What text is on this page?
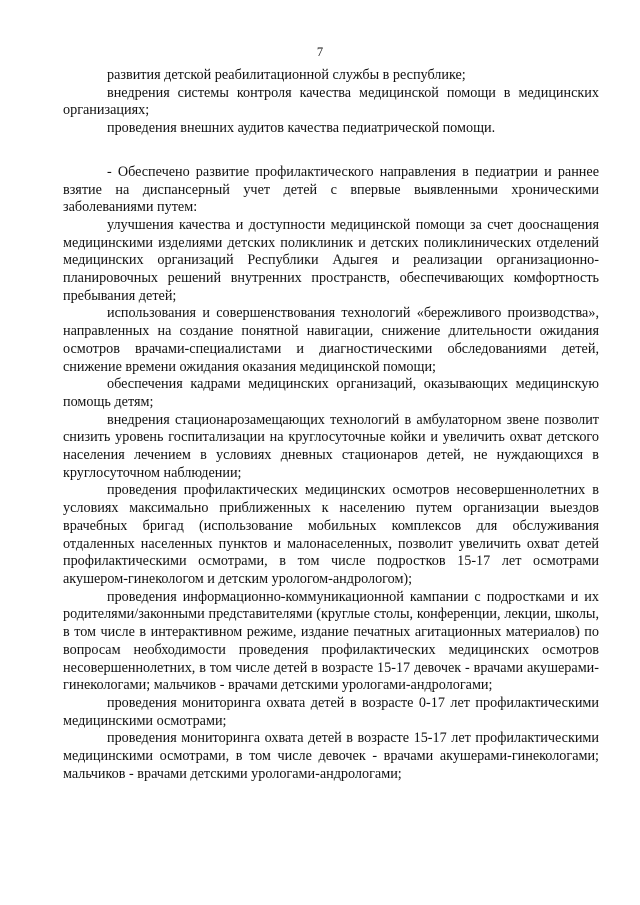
7

развития детской реабилитационной службы в республике;

внедрения системы контроля качества медицинской помощи в медицинских организациях;

проведения внешних аудитов качества педиатрической помощи.

- Обеспечено развитие профилактического направления в педиатрии и раннее взятие на диспансерный учет детей с впервые выявленными хроническими заболеваниями путем:

улучшения качества и доступности медицинской помощи за счет дооснащения медицинскими изделиями детских поликлиник и детских поликлинических отделений медицинских организаций Республики Адыгея и реализации организационно-планировочных решений внутренних пространств, обеспечивающих комфортность пребывания детей;

использования и совершенствования технологий «бережливого производства», направленных на создание понятной навигации, снижение длительности ожидания осмотров врачами-специалистами и диагностическими обследованиями детей, снижение времени ожидания оказания медицинской помощи;

обеспечения кадрами медицинских организаций, оказывающих медицинскую помощь детям;

внедрения стационарозамещающих технологий в амбулаторном звене позволит снизить уровень госпитализации на круглосуточные койки и увеличить охват детского населения лечением в условиях дневных стационаров детей, не нуждающихся в круглосуточном наблюдении;

проведения профилактических медицинских осмотров несовершеннолетних в условиях максимально приближенных к населению путем организации выездов врачебных бригад (использование мобильных комплексов для обслуживания отдаленных населенных пунктов и малонаселенных, позволит увеличить охват детей профилактическими осмотрами, в том числе подростков 15-17 лет осмотрами акушером-гинекологом и детским урологом-андрологом);

проведения информационно-коммуникационной кампании с подростками и их родителями/законными представителями (круглые столы, конференции, лекции, школы, в том числе в интерактивном режиме, издание печатных агитационных материалов) по вопросам необходимости проведения профилактических медицинских осмотров несовершеннолетних, в том числе детей в возрасте 15-17 девочек - врачами акушерами-гинекологами; мальчиков - врачами детскими урологами-андрологами;

проведения мониторинга охвата детей в возрасте 0-17 лет профилактическими медицинскими осмотрами;

проведения мониторинга охвата детей в возрасте 15-17 лет профилактическими медицинскими осмотрами, в том числе девочек - врачами акушерами-гинекологами; мальчиков - врачами детскими урологами-андрологами;
